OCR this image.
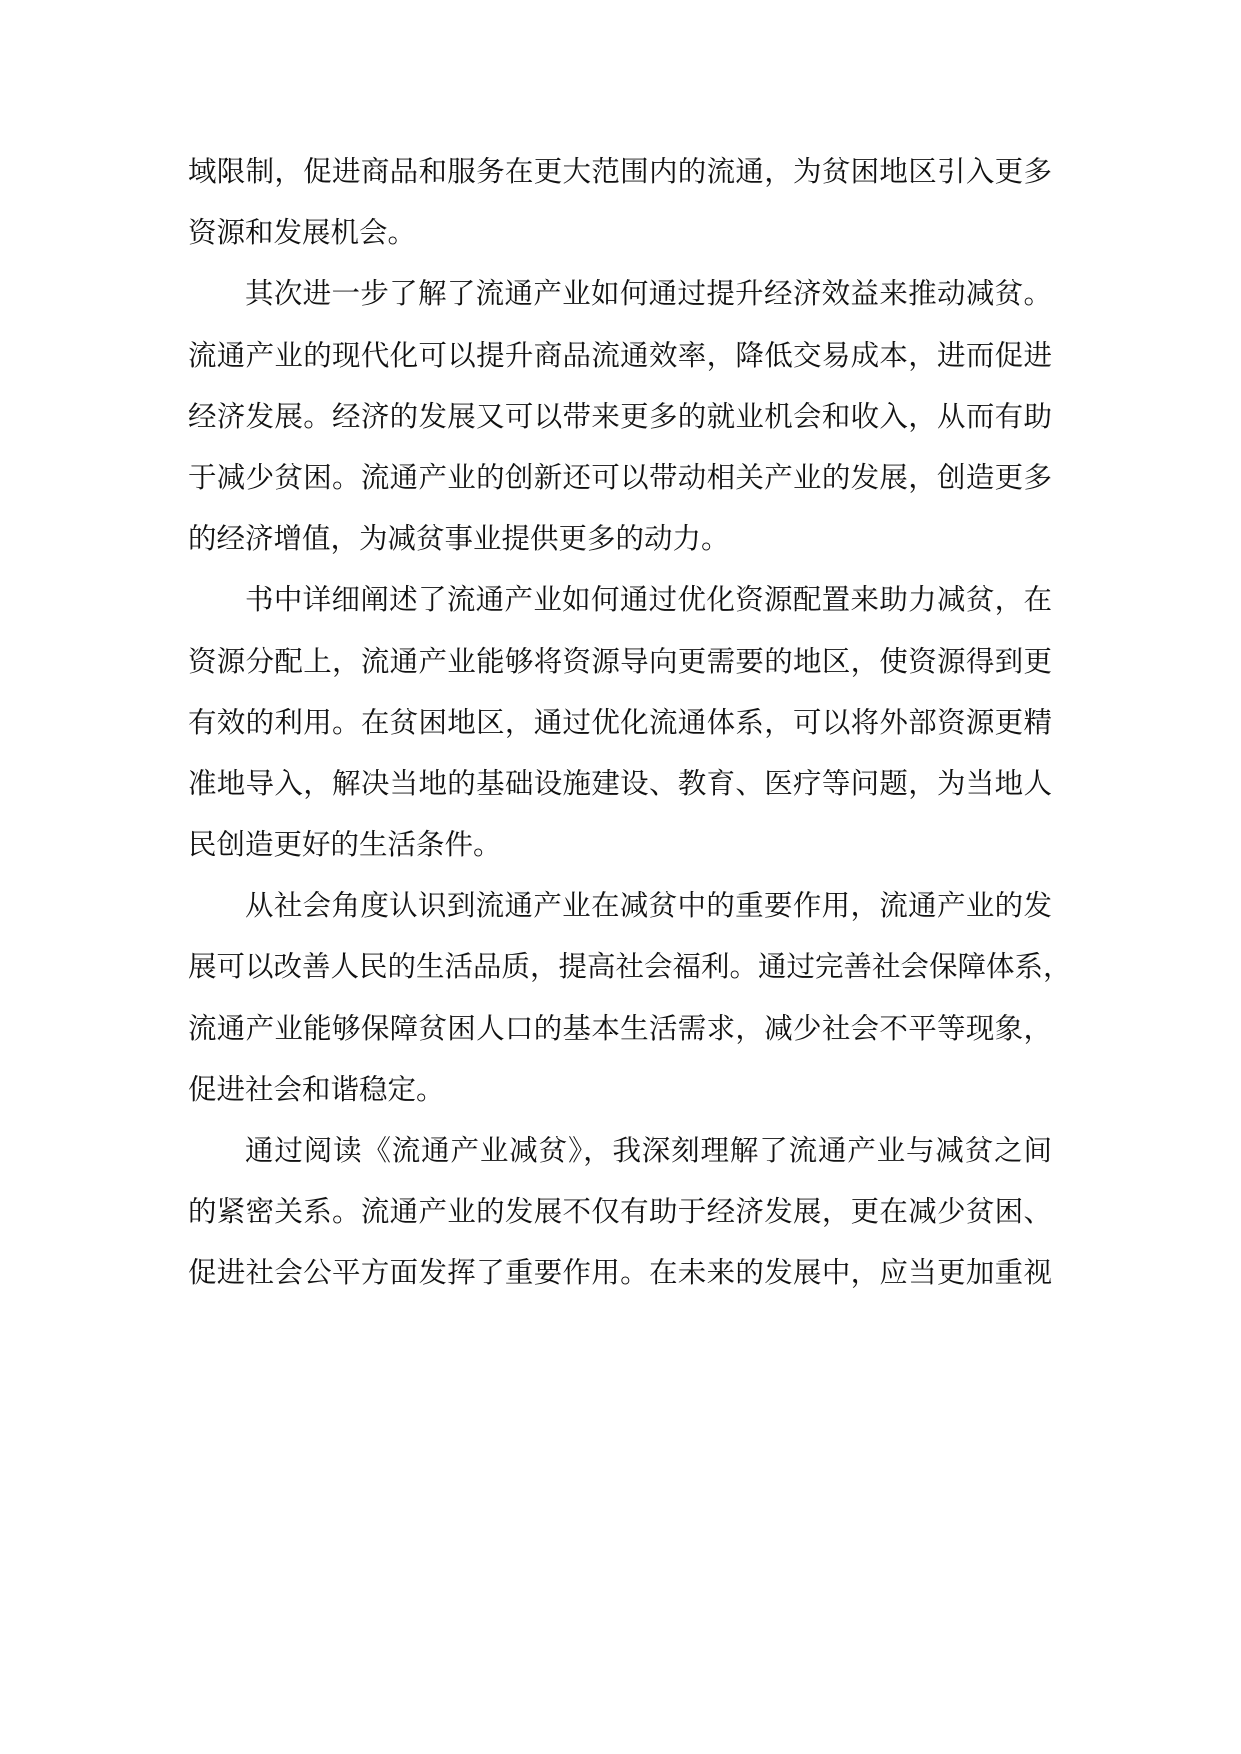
域限制，促进商品和服务在更大范围内的流通，为贫困地区引入更多
资源和发展机会。
其次进一步了解了流通产业如何通过提升经济效益来推动减贫。
流通产业的现代化可以提升商品流通效率，降低交易成本，进而促进
经济发展。经济的发展又可以带来更多的就业机会和收入，从而有助
于减少贫困。流通产业的创新还可以带动相关产业的发展，创造更多
的经济增值，为减贫事业提供更多的动力。
书中详细阐述了流通产业如何通过优化资源配置来助力减贫，在
资源分配上，流通产业能够将资源导向更需要的地区，使资源得到更
有效的利用。在贫困地区，通过优化流通体系，可以将外部资源更精
准地导入，解决当地的基础设施建设、教育、医疗等问题，为当地人
民创造更好的生活条件。
从社会角度认识到流通产业在减贫中的重要作用，流通产业的发
展可以改善人民的生活品质，提高社会福利。通过完善社会保障体系，
流通产业能够保障贫困人口的基本生活需求，减少社会不平等现象，
促进社会和谐稳定。
通过阅读《流通产业减贫》，我深刻理解了流通产业与减贫之间
的紧密关系。流通产业的发展不仅有助于经济发展，更在减少贫困、
促进社会公平方面发挥了重要作用。在未来的发展中，应当更加重视
